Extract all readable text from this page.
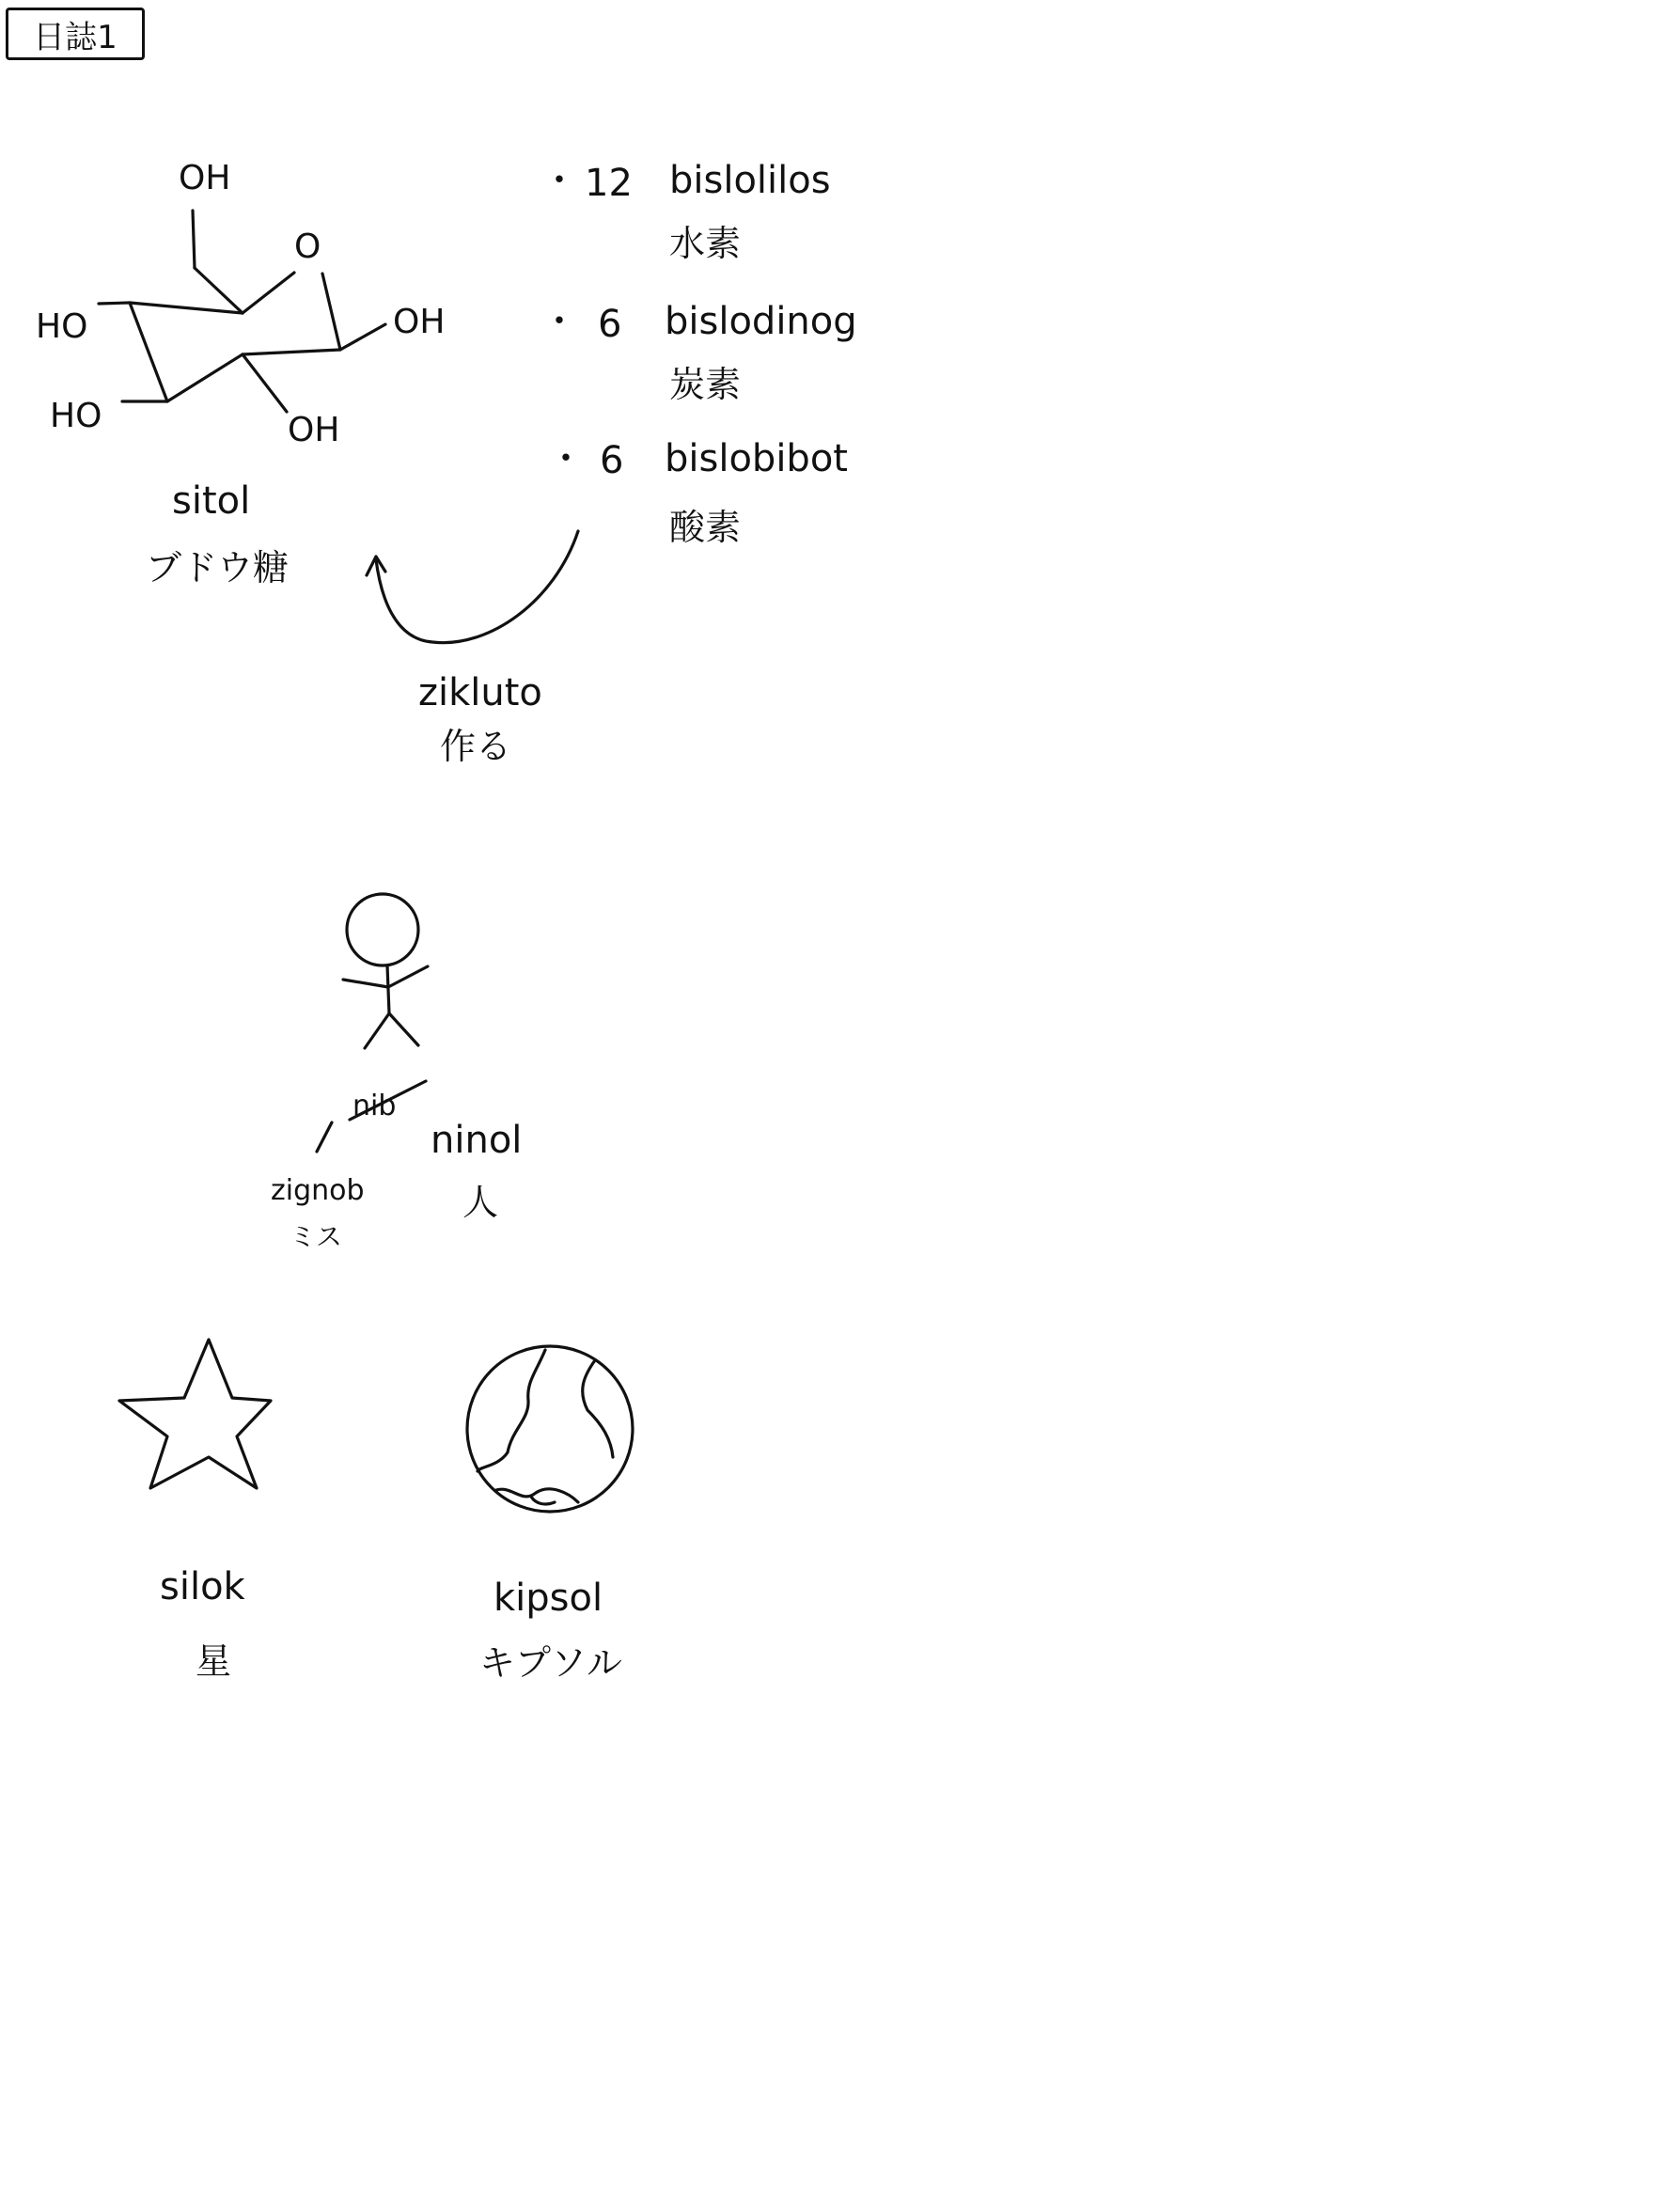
日誌1
OH
O
HO	OH
HO	OH
sitol
ブドウ糖
・ 12 bislolilos
水素
・ 6 bislodinog
炭素
・ 6 bislobibot
酸素
zikluto
作る
nib
ninol
人
zignob
ミス
silok
星
kipsol
キプソル
